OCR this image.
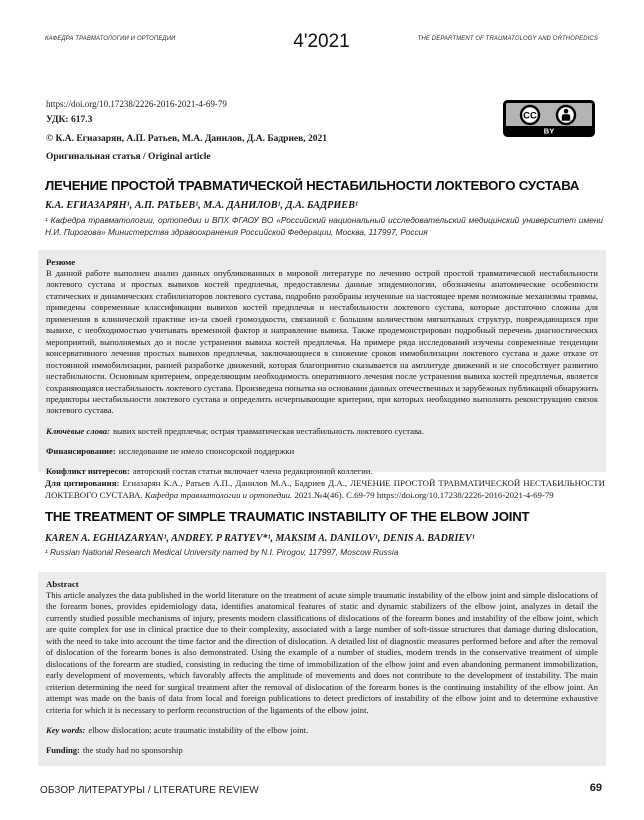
КАФЕДРА ТРАВМАТОЛОГИИ И ОРТОПЕДИИ	4'2021	THE DEPARTMENT OF TRAUMATOLOGY AND ORTHOPEDICS
https://doi.org/10.17238/2226-2016-2021-4-69-79
УДК: 617.3
© К.А. Егиазарян, А.П. Ратьев, М.А. Данилов, Д.А. Бадриев, 2021
Оригинальная статья / Original article
CC
BY
ЛЕЧЕНИЕ ПРОСТОЙ ТРАВМАТИЧЕСКОЙ НЕСТАБИЛЬНОСТИ ЛОКТЕВОГО СУСТАВА
К.А. ЕГИАЗАРЯН¹, А.П. РАТЬЕВ¹, М.А. ДАНИЛОВ¹, Д.А. БАДРИЕВ¹
¹ Кафедра травматологии, ортопедии и ВПХ ФГАОУ ВО «Российский национальный исследовательский медицинский университет имени Н.И. Пирогова» Министерства здравоохранения Российской Федерации, Москва, 117997, Россия
Резюме
В данной работе выполнен анализ данных опубликованных в мировой литературе по лечению острой простой травматической нестабильности локтевого сустава и простых вывихов костей предплечья, предоставлены данные эпидемиологии, обозначены анатомические особенности статических и динамических стабилизаторов локтевого сустава, подробно разобраны изученные на настоящее время возможные механизмы травмы, приведены современные классификации вывихов костей предплечья и нестабильности локтевого сустава, которые достаточно сложны для применения в клинической практике из-за своей громоздкости, связанной с большим количеством мягкотканых структур, повреждающихся при вывихе, с необходимостью учитывать временной фактор и направление вывиха. Также продемонстрирован подробный перечень диагностических мероприятий, выполняемых до и после устранения вывиха костей предплечья. На примере ряда исследований изучены современные тенденции консервативного лечения простых вывихов предплечья, заключающиеся в снижение сроков иммобилизации локтевого сустава и даже отказе от постоянной иммобилизации, ранней разработке движений, которая благоприятно сказывается на амплитуде движений и не способствует развитию нестабильности. Основным критерием, определяющим необходимость оперативного лечения после устранения вывиха костей предплечья, является сохраняющаяся нестабильность локтевого сустава. Произведена попытка на основании данных отечественных и зарубежных публикаций обнаружить предикторы нестабильности локтевого сустава и определить исчерпывающие критерии, при которых необходимо выполнять реконструкцию связок локтевого сустава.

Ключевые слова: вывих костей предплечья; острая травматическая нестабильность локтевого сустава.

Финансирование: исследование не имело спонсорской поддержки

Конфликт интересов: авторский состав статьи включает члена редакционной коллегии.

Для цитирования: Егиазарян К.А., Ратьев А.П., Данилов М.А., Бадриев Д.А., ЛЕЧЕНИЕ ПРОСТОЙ ТРАВМАТИЧЕСКОЙ НЕСТАБИЛЬНОСТИ ЛОКТЕВОГО СУСТАВА. Кафедра травматологии и ортопедии. 2021.№4(46). С.69-79 https://doi.org/10.17238/2226-2016-2021-4-69-79

THE TREATMENT OF SIMPLE TRAUMATIC INSTABILITY OF THE ELBOW JOINT
KAREN A. EGHIAZARYAN¹, ANDREY. P RATYEV*¹, MAKSIM A. DANILOV¹, DENIS A. BADRIEV¹
¹ Russian National Research Medical University named by N.I. Pirogov, 117997, Moscow Russia
Abstract
This article analyzes the data published in the world literature on the treatment of acute simple traumatic instability of the elbow joint and simple dislocations of the forearm bones, provides epidemiology data, identifies anatomical features of static and dynamic stabilizers of the elbow joint, analyzes in detail the currently studied possible mechanisms of injury, presents modern classifications of dislocations of the forearm bones and instability of the elbow joint, which are quite complex for use in clinical practice due to their complexity, associated with a large number of soft-tissue structures that damage during dislocation, with the need to take into account the time factor and the direction of dislocation. A detailed list of diagnostic measures performed before and after the removal of dislocation of the forearm bones is also demonstrated. Using the example of a number of studies, modern trends in the conservative treatment of simple dislocations of the forearm are studied, consisting in reducing the time of immobilization of the elbow joint and even abandoning permanent immobilization, early development of movements, which favorably affects the amplitude of movements and does not contribute to the development of instability. The main criterion determining the need for surgical treatment after the removal of dislocation of the forearm bones is the continuing instability of the elbow joint. An attempt was made on the basis of data from local and foreign publications to detect predictors of instability of the elbow joint and to determine exhaustive criteria for which it is necessary to perform reconstruction of the ligaments of the elbow joint.

Key words: elbow dislocation; acute traumatic instability of the elbow joint.

Funding: the study had no sponsorship

ОБЗОР ЛИТЕРАТУРЫ / LITERATURE REVIEW	69
